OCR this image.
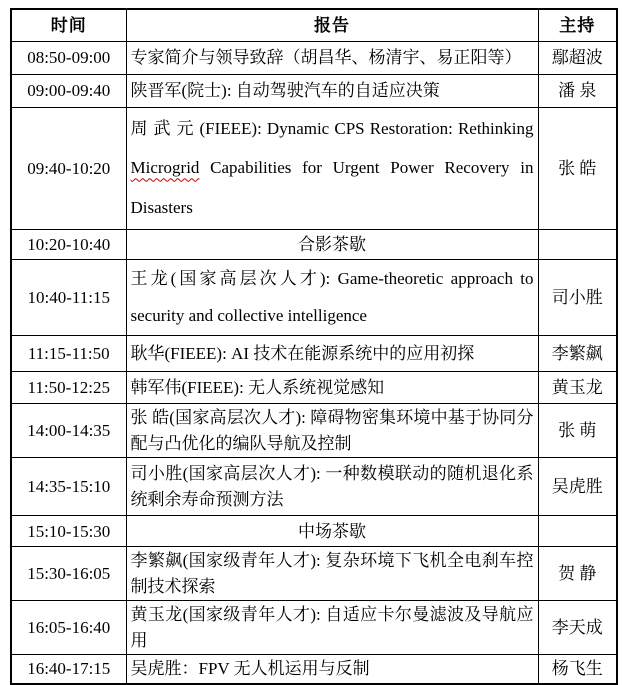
时间	报告	主持
08:50-09:00	专家简介与领导致辞（胡昌华、杨清宇、易正阳等）	鄢超波
09:00-09:40	陕晋军(院士): 自动驾驶汽车的自适应决策	潘 泉
09:40-10:20	周 武 元 (FIEEE): Dynamic CPS Restoration: Rethinking Microgrid Capabilities for Urgent Power Recovery in Disasters	张 皓
10:20-10:40	合影茶歇	
10:40-11:15	王龙(国家高层次人才): Game-theoretic approach to security and collective intelligence	司小胜
11:15-11:50	耿华(FIEEE): AI 技术在能源系统中的应用初探	李繁飙
11:50-12:25	韩军伟(FIEEE): 无人系统视觉感知	黄玉龙
14:00-14:35	张 皓(国家高层次人才): 障碍物密集环境中基于协同分配与凸优化的编队导航及控制	张 萌
14:35-15:10	司小胜(国家高层次人才): 一种数模联动的随机退化系统剩余寿命预测方法	吴虎胜
15:10-15:30	中场茶歇	
15:30-16:05	李繁飙(国家级青年人才): 复杂环境下飞机全电刹车控制技术探索	贺 静
16:05-16:40	黄玉龙(国家级青年人才): 自适应卡尔曼滤波及导航应用	李天成
16:40-17:15	吴虎胜：FPV 无人机运用与反制	杨飞生
